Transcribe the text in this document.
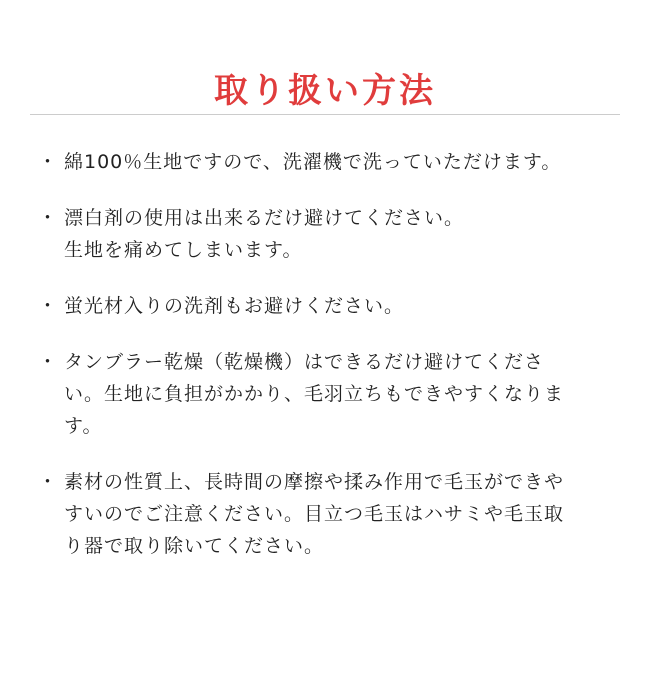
取り扱い方法
・ 綿100％生地ですので、洗濯機で洗っていただけます。
・ 漂白剤の使用は出来るだけ避けてください。
生地を痛めてしまいます。
・ 蛍光材入りの洗剤もお避けください。
・ タンブラー乾燥（乾燥機）はできるだけ避けてくださ
い。生地に負担がかかり、毛羽立ちもできやすくなりま
す。
・ 素材の性質上、長時間の摩擦や揉み作用で毛玉ができや
すいのでご注意ください。目立つ毛玉はハサミや毛玉取
り器で取り除いてください。
